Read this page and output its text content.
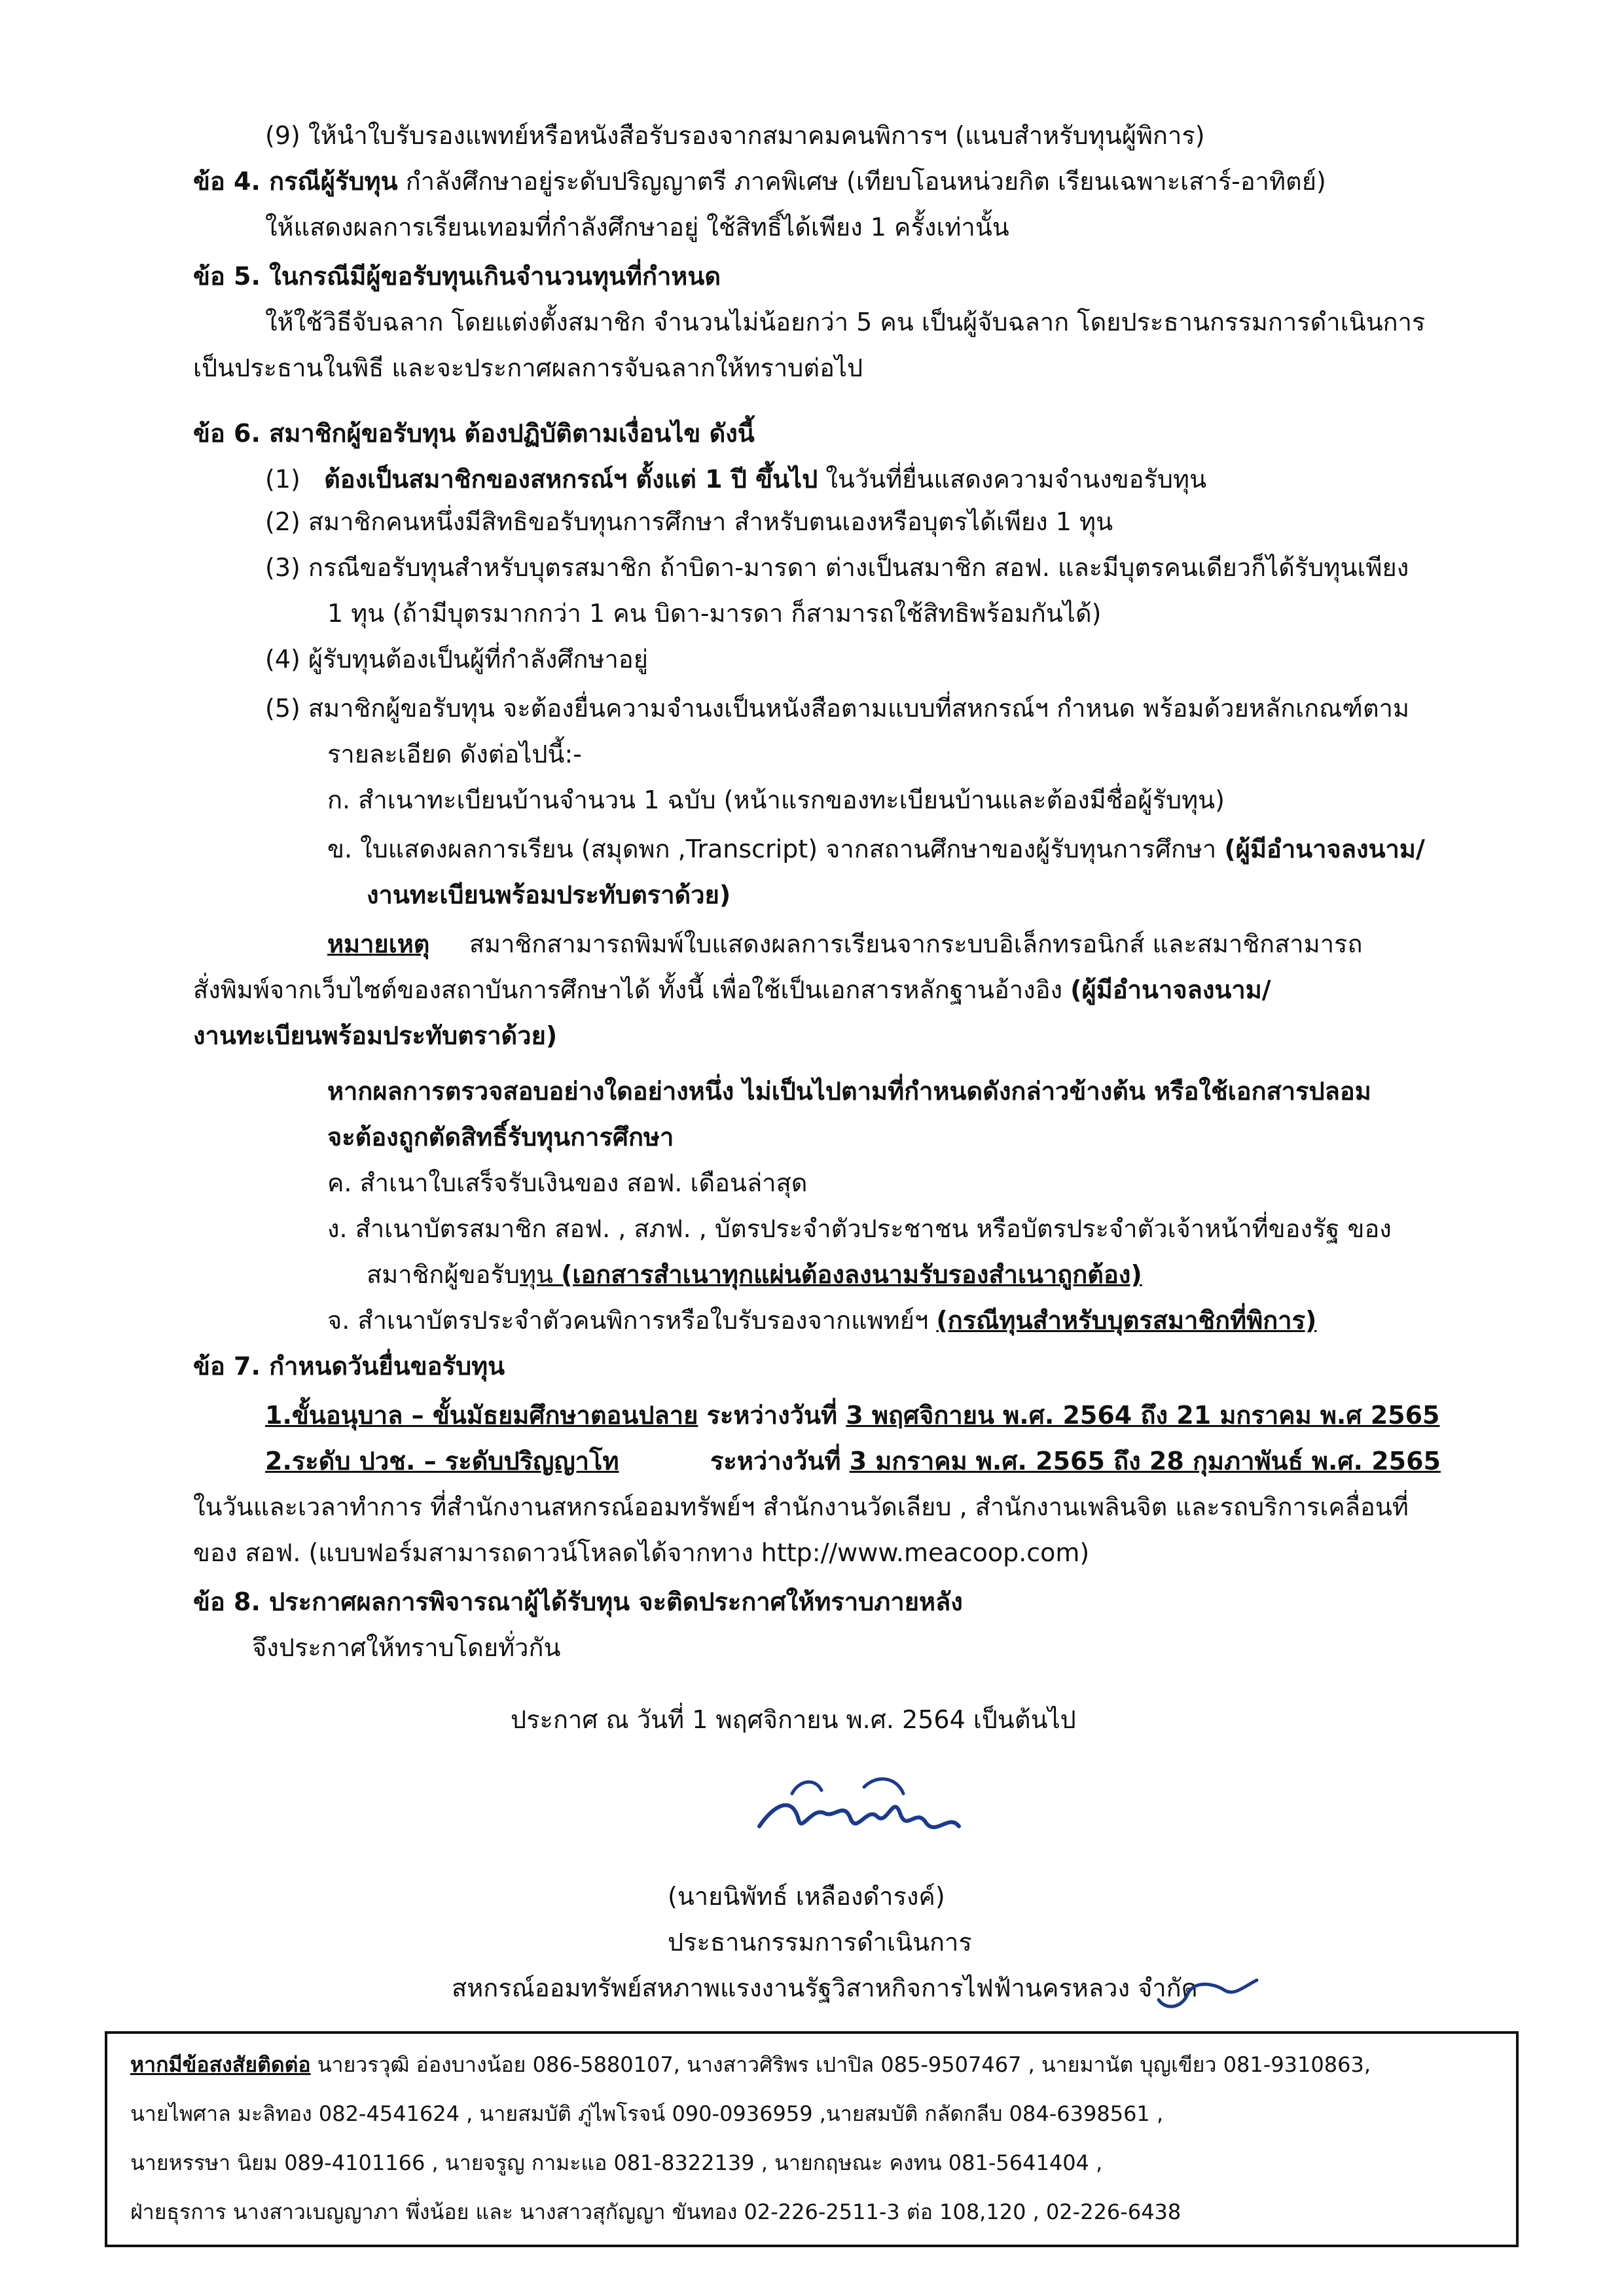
(9) ให้นำใบรับรองแพทย์หรือหนังสือรับรองจากสมาคมคนพิการฯ (แนบสำหรับทุนผู้พิการ)
ข้อ 4. กรณีผู้รับทุน กำลังศึกษาอยู่ระดับปริญญาตรี ภาคพิเศษ (เทียบโอนหน่วยกิต เรียนเฉพาะเสาร์-อาทิตย์)
ให้แสดงผลการเรียนเทอมที่กำลังศึกษาอยู่ ใช้สิทธิ์ได้เพียง 1 ครั้งเท่านั้น
ข้อ 5. ในกรณีมีผู้ขอรับทุนเกินจำนวนทุนที่กำหนด
ให้ใช้วิธีจับฉลาก โดยแต่งตั้งสมาชิก จำนวนไม่น้อยกว่า 5 คน เป็นผู้จับฉลาก โดยประธานกรรมการดำเนินการ
เป็นประธานในพิธี และจะประกาศผลการจับฉลากให้ทราบต่อไป
ข้อ 6. สมาชิกผู้ขอรับทุน ต้องปฏิบัติตามเงื่อนไข ดังนี้
(1) ต้องเป็นสมาชิกของสหกรณ์ฯ ตั้งแต่ 1 ปี ขึ้นไป ในวันที่ยื่นแสดงความจำนงขอรับทุน
(2) สมาชิกคนหนึ่งมีสิทธิขอรับทุนการศึกษา สำหรับตนเองหรือบุตรได้เพียง 1 ทุน
(3) กรณีขอรับทุนสำหรับบุตรสมาชิก ถ้าบิดา-มารดา ต่างเป็นสมาชิก สอฟ. และมีบุตรคนเดียวก็ได้รับทุนเพียง
1 ทุน (ถ้ามีบุตรมากกว่า 1 คน บิดา-มารดา ก็สามารถใช้สิทธิพร้อมกันได้)
(4) ผู้รับทุนต้องเป็นผู้ที่กำลังศึกษาอยู่
(5) สมาชิกผู้ขอรับทุน จะต้องยื่นความจำนงเป็นหนังสือตามแบบที่สหกรณ์ฯ กำหนด พร้อมด้วยหลักเกณฑ์ตาม
รายละเอียด ดังต่อไปนี้:-
ก. สำเนาทะเบียนบ้านจำนวน 1 ฉบับ (หน้าแรกของทะเบียนบ้านและต้องมีชื่อผู้รับทุน)
ข. ใบแสดงผลการเรียน (สมุดพก ,Transcript) จากสถานศึกษาของผู้รับทุนการศึกษา (ผู้มีอำนาจลงนาม/
งานทะเบียนพร้อมประทับตราด้วย)
หมายเหตุ สมาชิกสามารถพิมพ์ใบแสดงผลการเรียนจากระบบอิเล็กทรอนิกส์ และสมาชิกสามารถ
สั่งพิมพ์จากเว็บไซต์ของสถาบันการศึกษาได้ ทั้งนี้ เพื่อใช้เป็นเอกสารหลักฐานอ้างอิง (ผู้มีอำนาจลงนาม/
งานทะเบียนพร้อมประทับตราด้วย)
หากผลการตรวจสอบอย่างใดอย่างหนึ่ง ไม่เป็นไปตามที่กำหนดดังกล่าวข้างต้น หรือใช้เอกสารปลอม
จะต้องถูกตัดสิทธิ์รับทุนการศึกษา
ค. สำเนาใบเสร็จรับเงินของ สอฟ. เดือนล่าสุด
ง. สำเนาบัตรสมาชิก สอฟ. , สภฟ. , บัตรประจำตัวประชาชน หรือบัตรประจำตัวเจ้าหน้าที่ของรัฐ ของ
สมาชิกผู้ขอรับทุน (เอกสารสำเนาทุกแผ่นต้องลงนามรับรองสำเนาถูกต้อง)
จ. สำเนาบัตรประจำตัวคนพิการหรือใบรับรองจากแพทย์ฯ (กรณีทุนสำหรับบุตรสมาชิกที่พิการ)
ข้อ 7. กำหนดวันยื่นขอรับทุน
1.ขั้นอนุบาล – ขั้นมัธยมศึกษาตอนปลาย ระหว่างวันที่ 3 พฤศจิกายน พ.ศ. 2564 ถึง 21 มกราคม พ.ศ 2565
2.ระดับ ปวช. – ระดับปริญญาโท	ระหว่างวันที่ 3 มกราคม พ.ศ. 2565 ถึง 28 กุมภาพันธ์ พ.ศ. 2565
ในวันและเวลาทำการ ที่สำนักงานสหกรณ์ออมทรัพย์ฯ สำนักงานวัดเลียบ , สำนักงานเพลินจิต และรถบริการเคลื่อนที่
ของ สอฟ. (แบบฟอร์มสามารถดาวน์โหลดได้จากทาง http://www.meacoop.com)
ข้อ 8. ประกาศผลการพิจารณาผู้ได้รับทุน จะติดประกาศให้ทราบภายหลัง
จึงประกาศให้ทราบโดยทั่วกัน
ประกาศ ณ วันที่ 1 พฤศจิกายน พ.ศ. 2564 เป็นต้นไป
(นายนิพัทธ์ เหลืองดำรงค์)
ประธานกรรมการดำเนินการ
สหกรณ์ออมทรัพย์สหภาพแรงงานรัฐวิสาหกิจการไฟฟ้านครหลวง จำกัด
หากมีข้อสงสัยติดต่อ นายวรวุฒิ อ่องบางน้อย 086-5880107, นางสาวศิริพร เปาปิล 085-9507467 , นายมานัต บุญเขียว 081-9310863,
นายไพศาล มะลิทอง 082-4541624 , นายสมบัติ ภู่ไพโรจน์ 090-0936959 ,นายสมบัติ กลัดกลีบ 084-6398561 ,
นายหรรษา นิยม 089-4101166 , นายจรูญ กามะแอ 081-8322139 , นายกฤษณะ คงทน 081-5641404 ,
ฝ่ายธุรการ นางสาวเบญญาภา พึ่งน้อย และ นางสาวสุกัญญา ขันทอง 02-226-2511-3 ต่อ 108,120 , 02-226-6438
